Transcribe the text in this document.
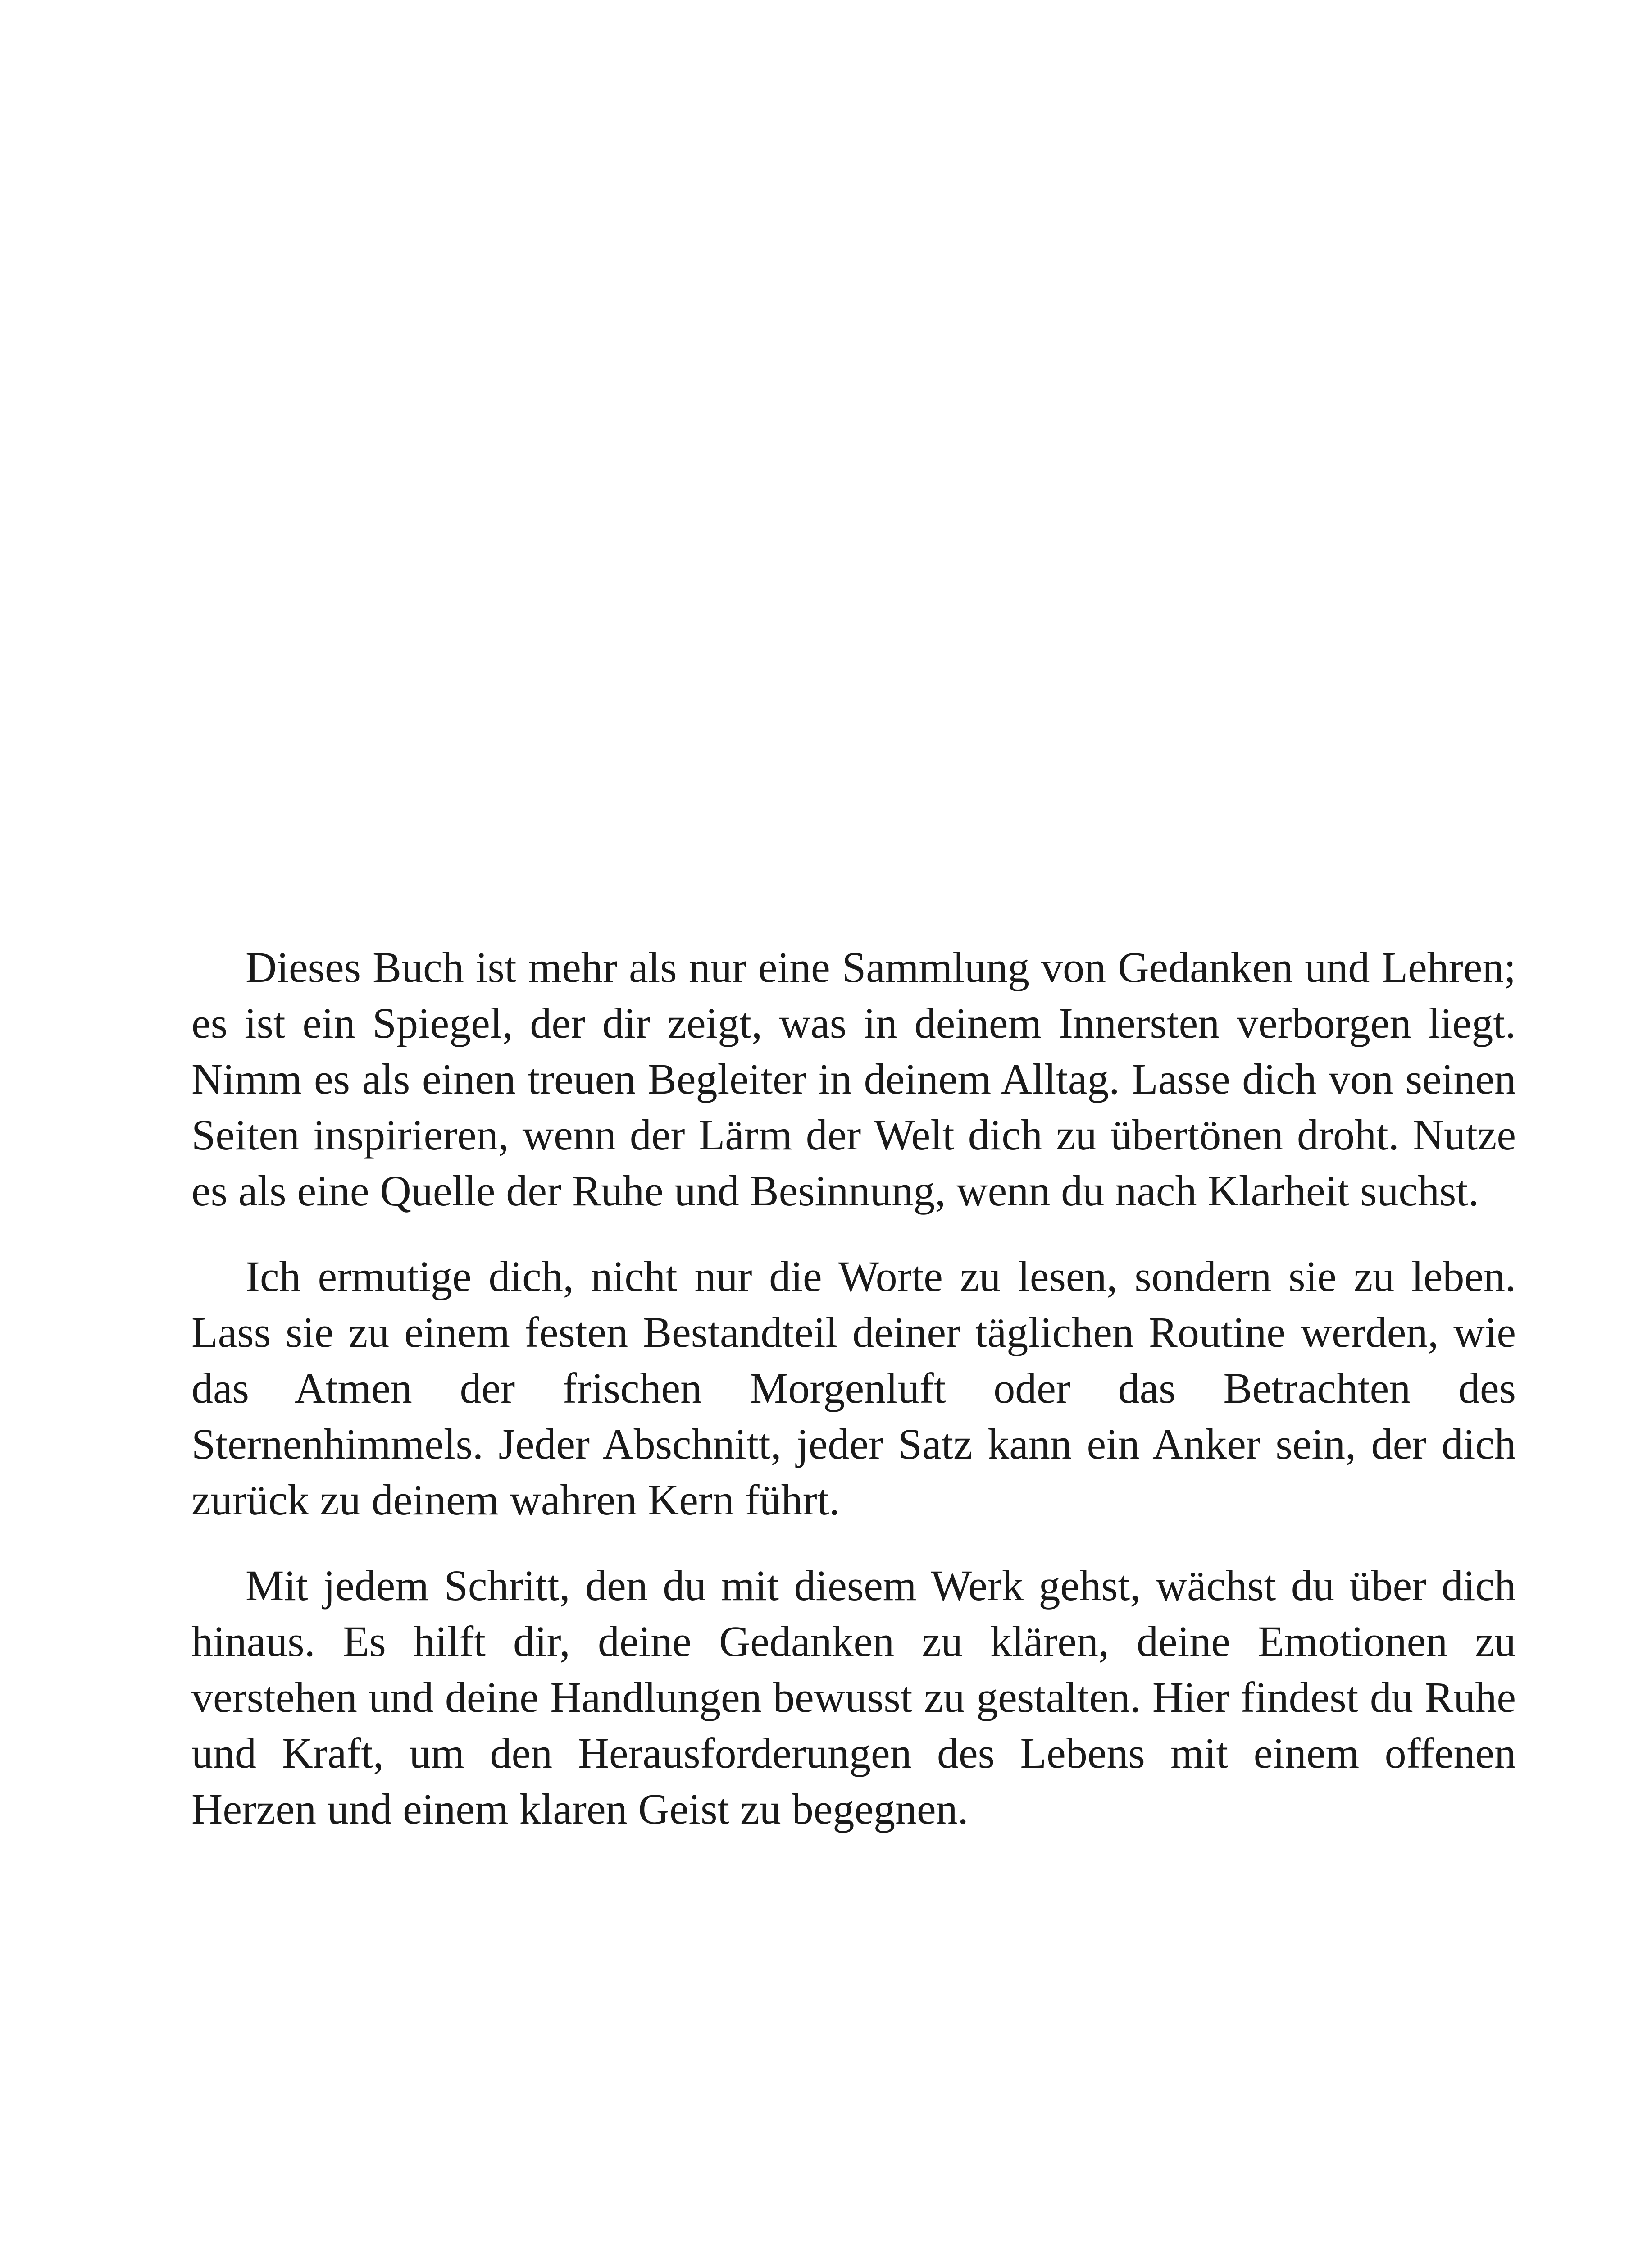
Dieses Buch ist mehr als nur eine Sammlung von Gedanken und Lehren; es ist ein Spiegel, der dir zeigt, was in deinem Innersten verborgen liegt. Nimm es als einen treuen Begleiter in deinem Alltag. Lasse dich von seinen Seiten inspirieren, wenn der Lärm der Welt dich zu übertönen droht. Nutze es als eine Quelle der Ruhe und Besinnung, wenn du nach Klarheit suchst.

Ich ermutige dich, nicht nur die Worte zu lesen, sondern sie zu leben. Lass sie zu einem festen Bestandteil deiner täglichen Routine werden, wie das Atmen der frischen Morgenluft oder das Betrachten des Sternenhimmels. Jeder Abschnitt, jeder Satz kann ein Anker sein, der dich zurück zu deinem wahren Kern führt.

Mit jedem Schritt, den du mit diesem Werk gehst, wächst du über dich hinaus. Es hilft dir, deine Gedanken zu klären, deine Emotionen zu verstehen und deine Handlungen bewusst zu gestalten. Hier findest du Ruhe und Kraft, um den Herausforderungen des Lebens mit einem offenen Herzen und einem klaren Geist zu begegnen.
